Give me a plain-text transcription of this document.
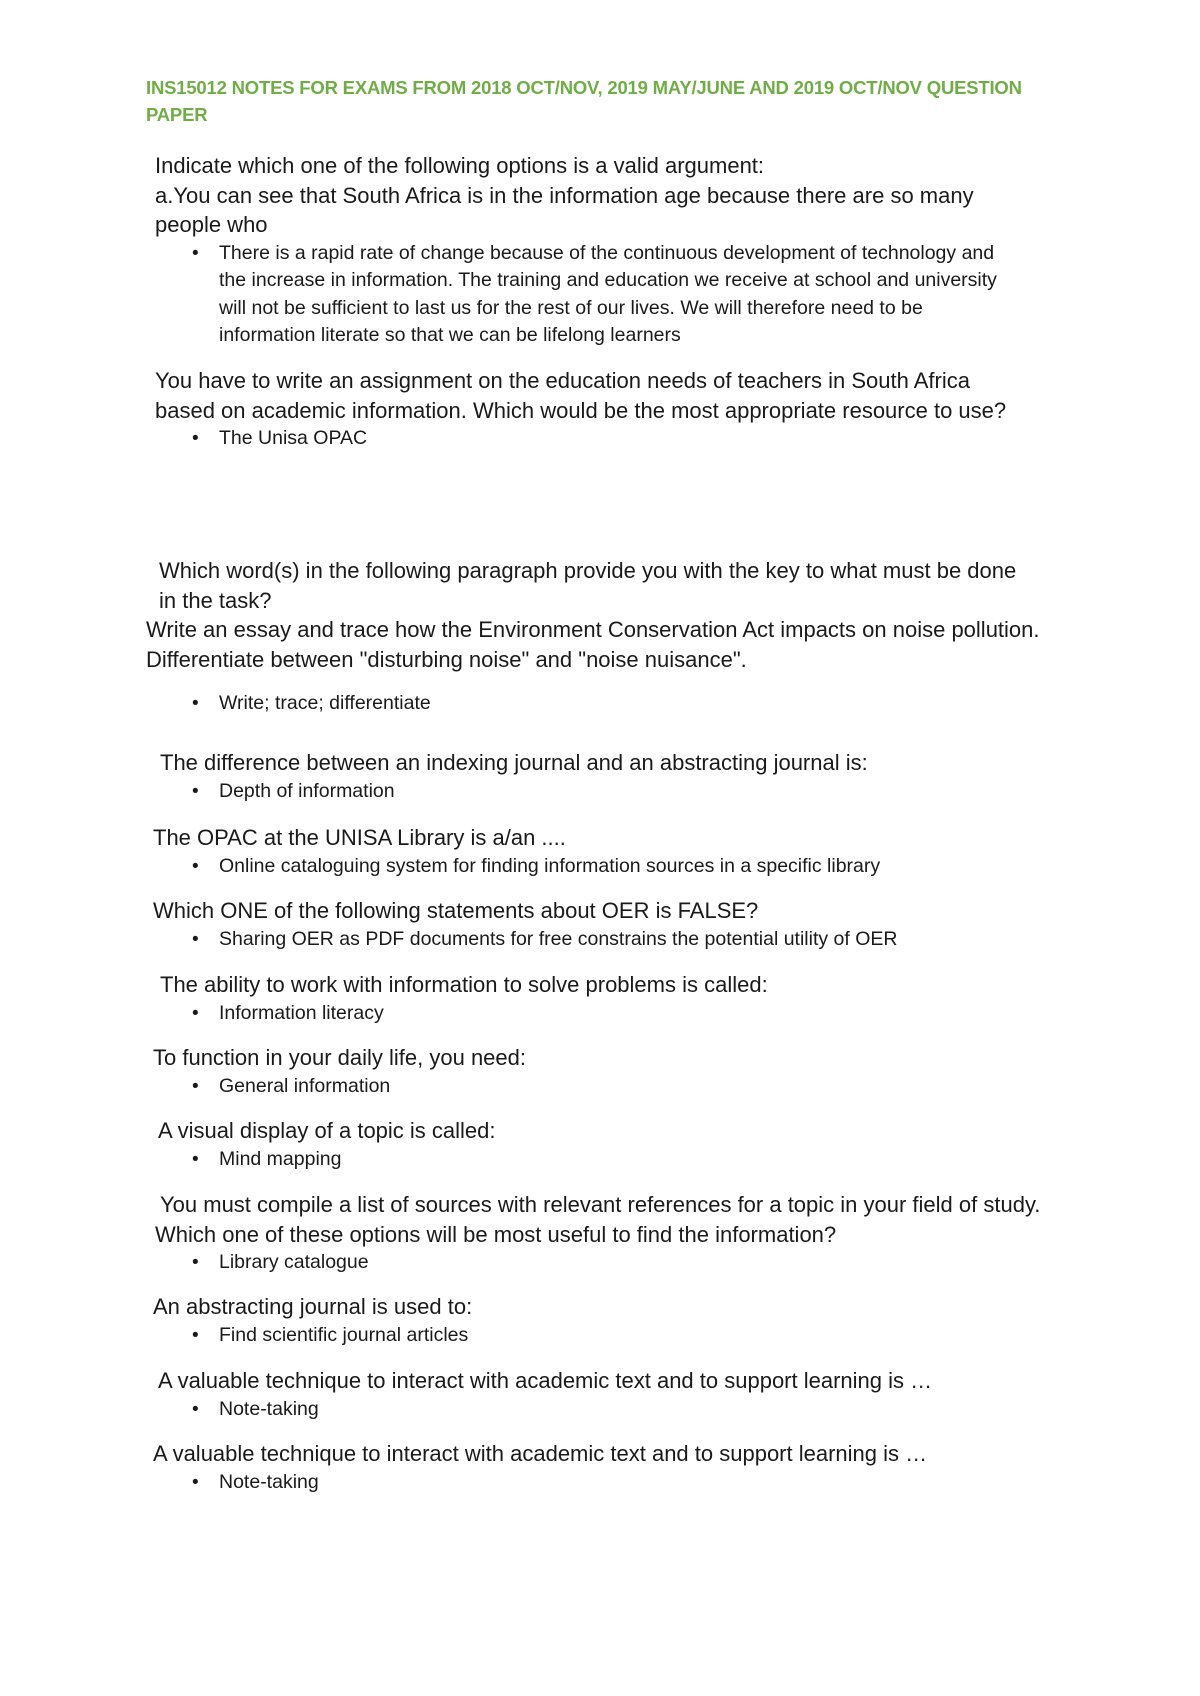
INS15012 NOTES FOR EXAMS FROM 2018 OCT/NOV, 2019 MAY/JUNE AND 2019 OCT/NOV QUESTION PAPER

Indicate which one of the following options is a valid argument:

a.You can see that South Africa is in the information age because there are so many people who

• There is a rapid rate of change because of the continuous development of technology and the increase in information. The training and education we receive at school and university will not be sufficient to last us for the rest of our lives. We will therefore need to be information literate so that we can be lifelong learners

You have to write an assignment on the education needs of teachers in South Africa based on academic information. Which would be the most appropriate resource to use?

• The Unisa OPAC

Which word(s) in the following paragraph provide you with the key to what must be done in the task?

Write an essay and trace how the Environment Conservation Act impacts on noise pollution. Differentiate between "disturbing noise" and "noise nuisance".

• Write; trace; differentiate

The difference between an indexing journal and an abstracting journal is:

• Depth of information

The OPAC at the UNISA Library is a/an ....

• Online cataloguing system for finding information sources in a specific library

Which ONE of the following statements about OER is FALSE?

• Sharing OER as PDF documents for free constrains the potential utility of OER

The ability to work with information to solve problems is called:

• Information literacy

To function in your daily life, you need:

• General information

A visual display of a topic is called:

• Mind mapping

You must compile a list of sources with relevant references for a topic in your field of study. Which one of these options will be most useful to find the information?

• Library catalogue

An abstracting journal is used to:

• Find scientific journal articles

A valuable technique to interact with academic text and to support learning is …

• Note-taking

A valuable technique to interact with academic text and to support learning is …

• Note-taking
